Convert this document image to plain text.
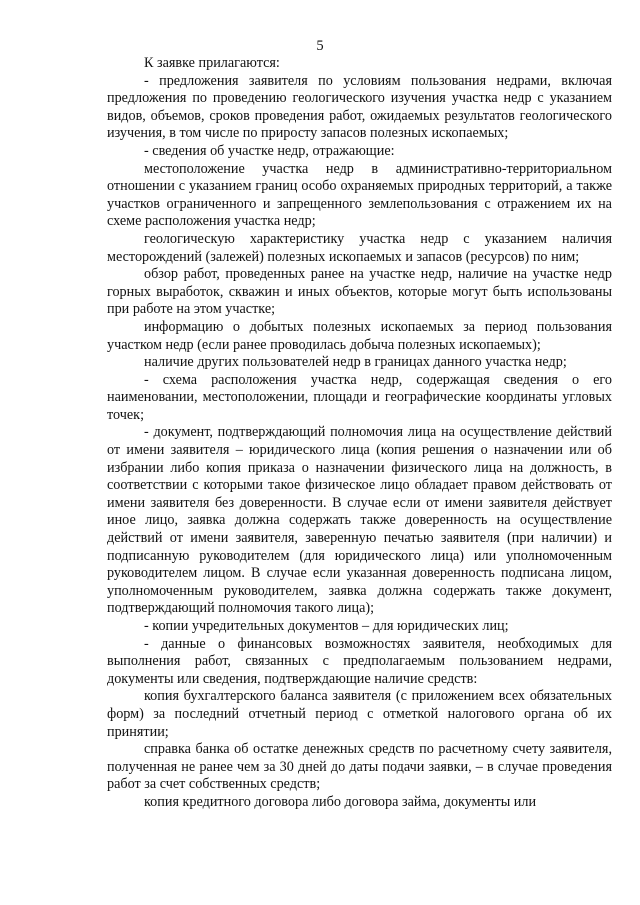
5

К заявке прилагаются:

- предложения заявителя по условиям пользования недрами, включая предложения по проведению геологического изучения участка недр с указанием видов, объемов, сроков проведения работ, ожидаемых результатов геологического изучения, в том числе по приросту запасов полезных ископаемых;

- сведения об участке недр, отражающие:

местоположение участка недр в административно-территориальном отношении с указанием границ особо охраняемых природных территорий, а также участков ограниченного и запрещенного землепользования с отражением их на схеме расположения участка недр;

геологическую характеристику участка недр с указанием наличия месторождений (залежей) полезных ископаемых и запасов (ресурсов) по ним;

обзор работ, проведенных ранее на участке недр, наличие на участке недр горных выработок, скважин и иных объектов, которые могут быть использованы при работе на этом участке;

информацию о добытых полезных ископаемых за период пользования участком недр (если ранее проводилась добыча полезных ископаемых);

наличие других пользователей недр в границах данного участка недр;

- схема расположения участка недр, содержащая сведения о его наименовании, местоположении, площади и географические координаты угловых точек;

- документ, подтверждающий полномочия лица на осуществление действий от имени заявителя – юридического лица (копия решения о назначении или об избрании либо копия приказа о назначении физического лица на должность, в соответствии с которыми такое физическое лицо обладает правом действовать от имени заявителя без доверенности. В случае если от имени заявителя действует иное лицо, заявка должна содержать также доверенность на осуществление действий от имени заявителя, заверенную печатью заявителя (при наличии) и подписанную руководителем (для юридического лица) или уполномоченным руководителем лицом. В случае если указанная доверенность подписана лицом, уполномоченным руководителем, заявка должна содержать также документ, подтверждающий полномочия такого лица);

- копии учредительных документов – для юридических лиц;

- данные о финансовых возможностях заявителя, необходимых для выполнения работ, связанных с предполагаемым пользованием недрами, документы или сведения, подтверждающие наличие средств:

копия бухгалтерского баланса заявителя (с приложением всех обязательных форм) за последний отчетный период с отметкой налогового органа об их принятии;

справка банка об остатке денежных средств по расчетному счету заявителя, полученная не ранее чем за 30 дней до даты подачи заявки, – в случае проведения работ за счет собственных средств;

копия кредитного договора либо договора займа, документы или
